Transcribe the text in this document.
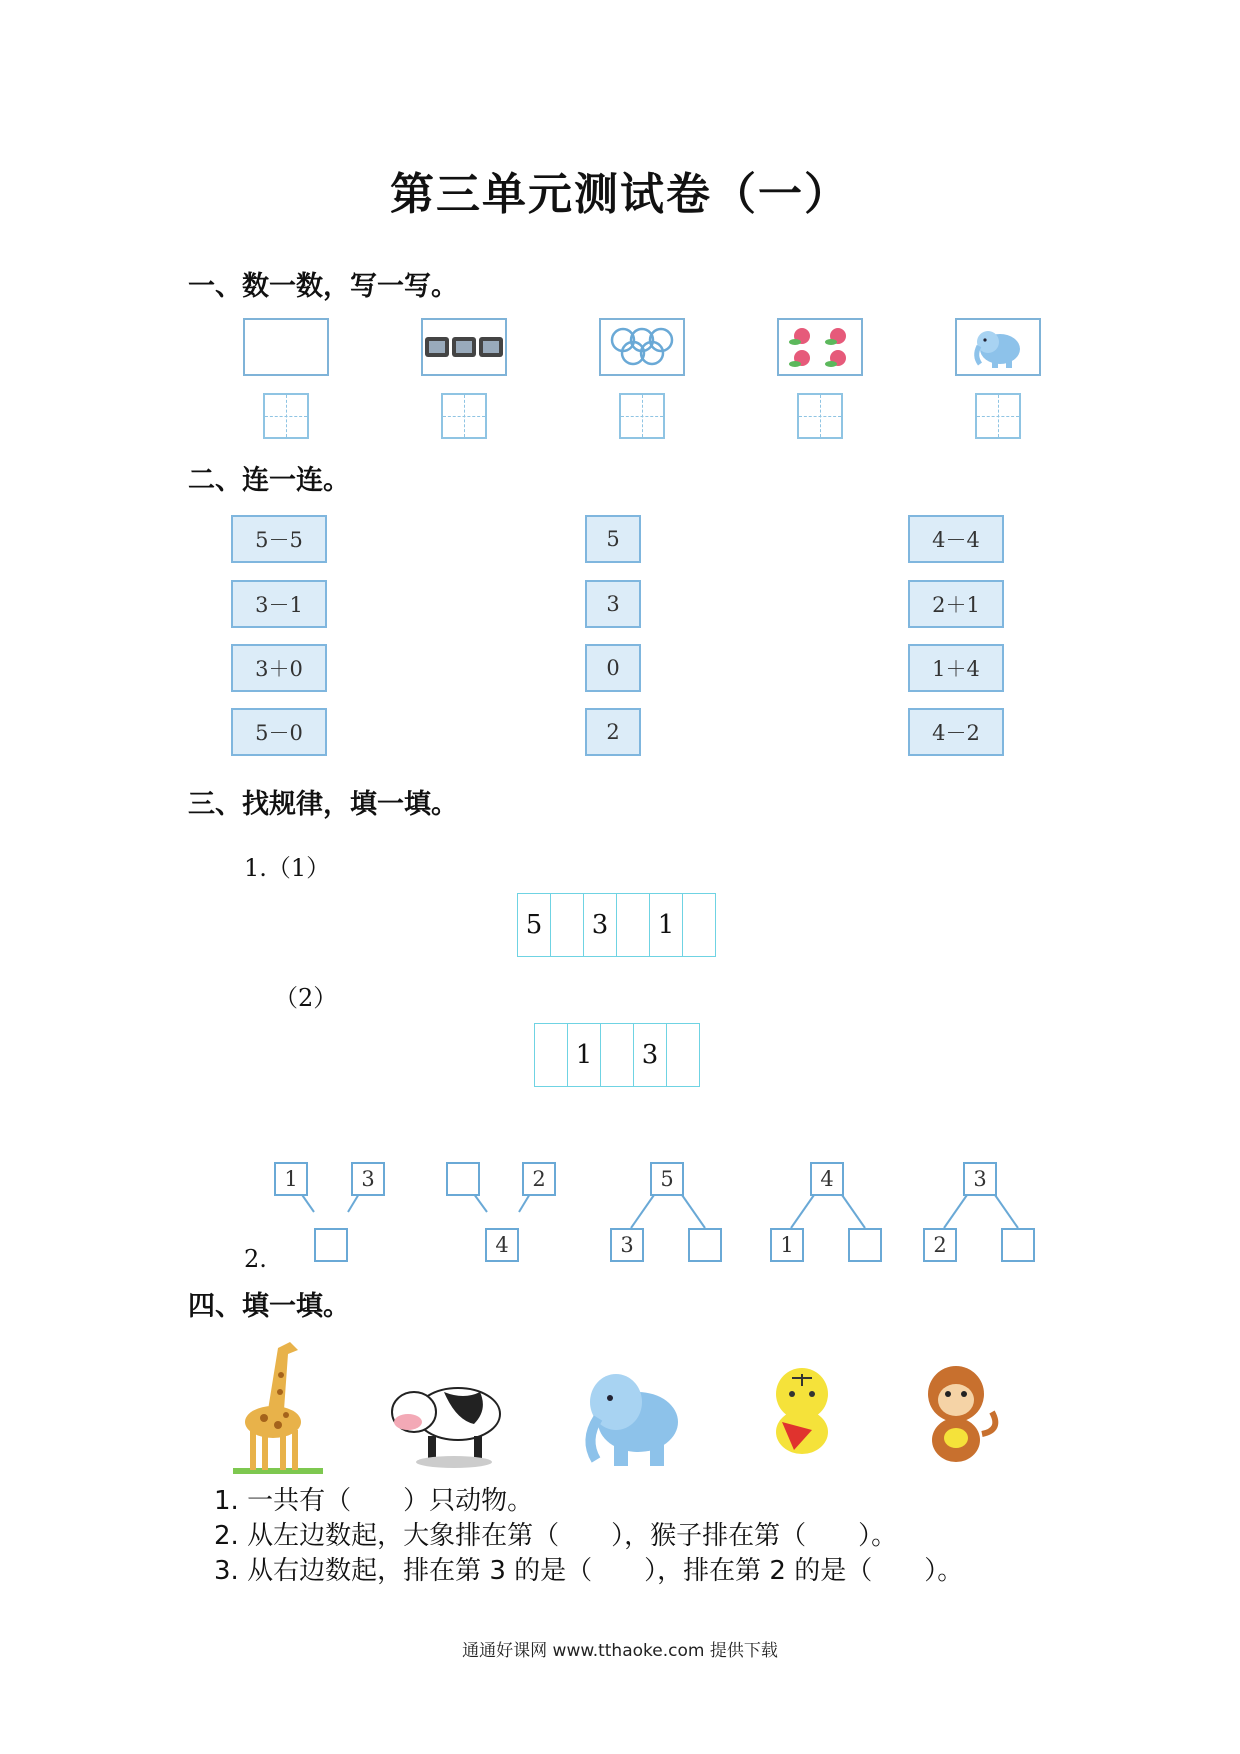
第三单元测试卷（一）
一、数一数，写一写。
二、连一连。
5－5
3－1
3＋0
5－0
5
3
0
2
4－4
2＋1
1＋4
4－2
三、找规律，填一填。
1.（1）
5	3	1
（2）
1	3
1	3	2
4
5
3
4
1
3
2
2.
四、填一填。
1. 一共有（　　）只动物。
2. 从左边数起，大象排在第（　　），猴子排在第（　　）。
3. 从右边数起，排在第 3 的是（　　），排在第 2 的是（　　）。
通通好课网 www.tthaoke.com 提供下载
